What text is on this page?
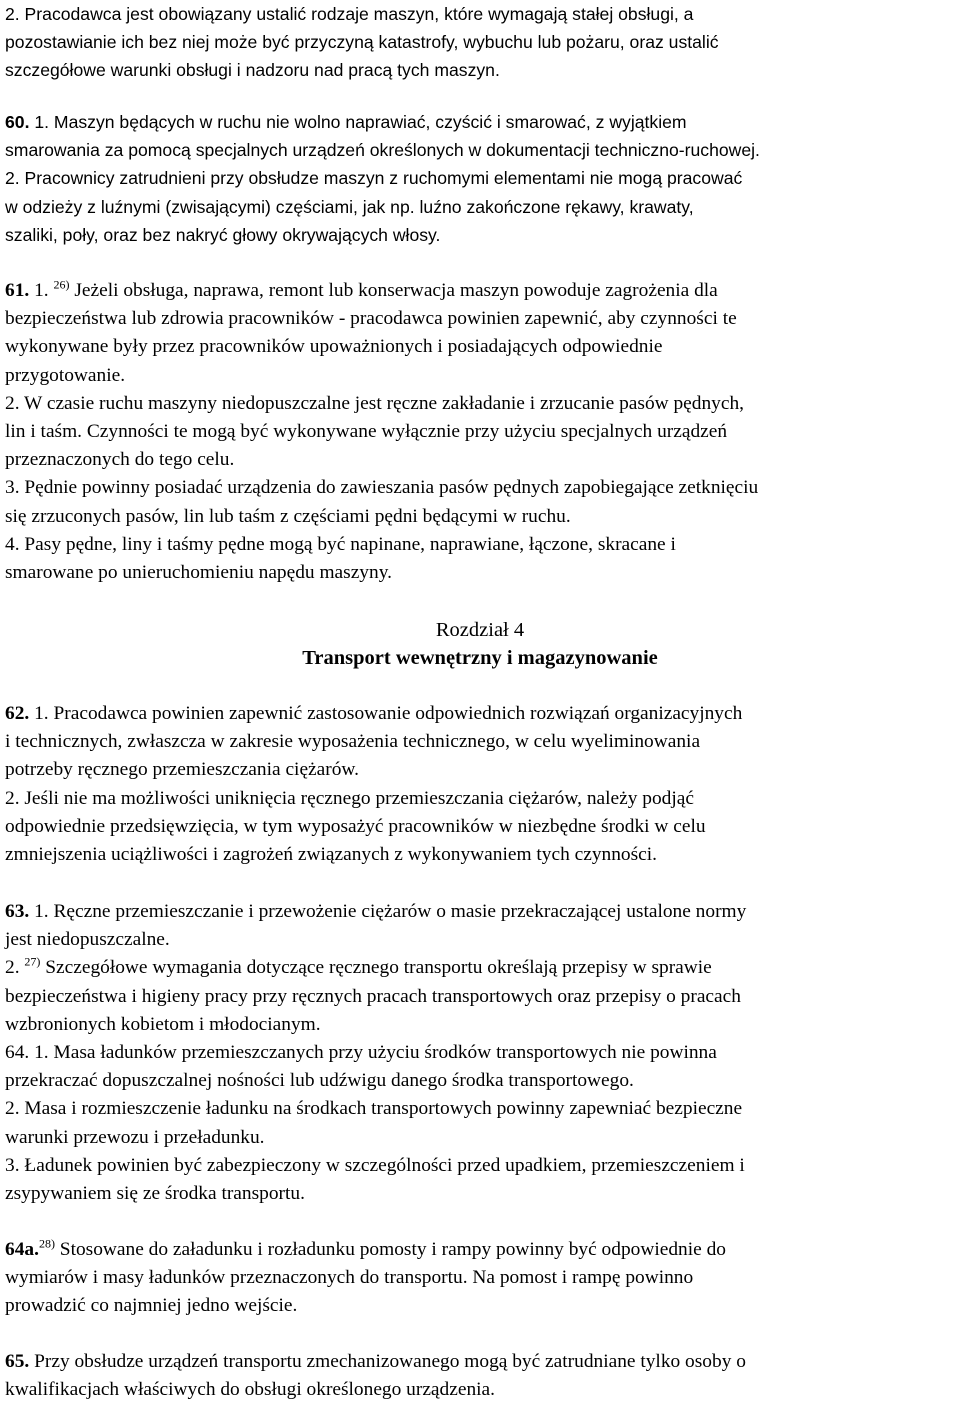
2. Pracodawca jest obowiązany ustalić rodzaje maszyn, które wymagają stałej obsługi, a
pozostawianie ich bez niej może być przyczyną katastrofy, wybuchu lub pożaru, oraz ustalić
szczegółowe warunki obsługi i nadzoru nad pracą tych maszyn.
60. 1. Maszyn będących w ruchu nie wolno naprawiać, czyścić i smarować, z wyjątkiem
smarowania za pomocą specjalnych urządzeń określonych w dokumentacji techniczno-ruchowej.
2. Pracownicy zatrudnieni przy obsłudze maszyn z ruchomymi elementami nie mogą pracować
w odzieży z luźnymi (zwisającymi) częściami, jak np. luźno zakończone rękawy, krawaty,
szaliki, poły, oraz bez nakryć głowy okrywających włosy.
61. 1. $^{26)}$ Jeżeli obsługa, naprawa, remont lub konserwacja maszyn powoduje zagrożenia dla
bezpieczeństwa lub zdrowia pracowników - pracodawca powinien zapewnić, aby czynności te
wykonywane były przez pracowników upoważnionych i posiadających odpowiednie
przygotowanie.
2. W czasie ruchu maszyny niedopuszczalne jest ręczne zakładanie i zrzucanie pasów pędnych,
lin i taśm. Czynności te mogą być wykonywane wyłącznie przy użyciu specjalnych urządzeń
przeznaczonych do tego celu.
3. Pędnie powinny posiadać urządzenia do zawieszania pasów pędnych zapobiegające zetknięciu
się zrzuconych pasów, lin lub taśm z częściami pędni będącymi w ruchu.
4. Pasy pędne, liny i taśmy pędne mogą być napinane, naprawiane, łączone, skracane i
smarowane po unieruchomieniu napędu maszyny.
Rozdział 4
Transport wewnętrzny i magazynowanie
62. 1. Pracodawca powinien zapewnić zastosowanie odpowiednich rozwiązań organizacyjnych
i technicznych, zwłaszcza w zakresie wyposażenia technicznego, w celu wyeliminowania
potrzeby ręcznego przemieszczania ciężarów.
2. Jeśli nie ma możliwości uniknięcia ręcznego przemieszczania ciężarów, należy podjąć
odpowiednie przedsięwzięcia, w tym wyposażyć pracowników w niezbędne środki w celu
zmniejszenia uciążliwości i zagrożeń związanych z wykonywaniem tych czynności.
63. 1. Ręczne przemieszczanie i przewożenie ciężarów o masie przekraczającej ustalone normy
jest niedopuszczalne.
2. $^{27)}$ Szczegółowe wymagania dotyczące ręcznego transportu określają przepisy w sprawie
bezpieczeństwa i higieny pracy przy ręcznych pracach transportowych oraz przepisy o pracach
wzbronionych kobietom i młodocianym.
64. 1. Masa ładunków przemieszczanych przy użyciu środków transportowych nie powinna
przekraczać dopuszczalnej nośności lub udźwigu danego środka transportowego.
2. Masa i rozmieszczenie ładunku na środkach transportowych powinny zapewniać bezpieczne
warunki przewozu i przeładunku.
3. Ładunek powinien być zabezpieczony w szczególności przed upadkiem, przemieszczeniem i
zsypywaniem się ze środka transportu.
64a.$^{28)}$ Stosowane do załadunku i rozładunku pomosty i rampy powinny być odpowiednie do
wymiarów i masy ładunków przeznaczonych do transportu. Na pomost i rampę powinno
prowadzić co najmniej jedno wejście.
65. Przy obsłudze urządzeń transportu zmechanizowanego mogą być zatrudniane tylko osoby o
kwalifikacjach właściwych do obsługi określonego urządzenia.
